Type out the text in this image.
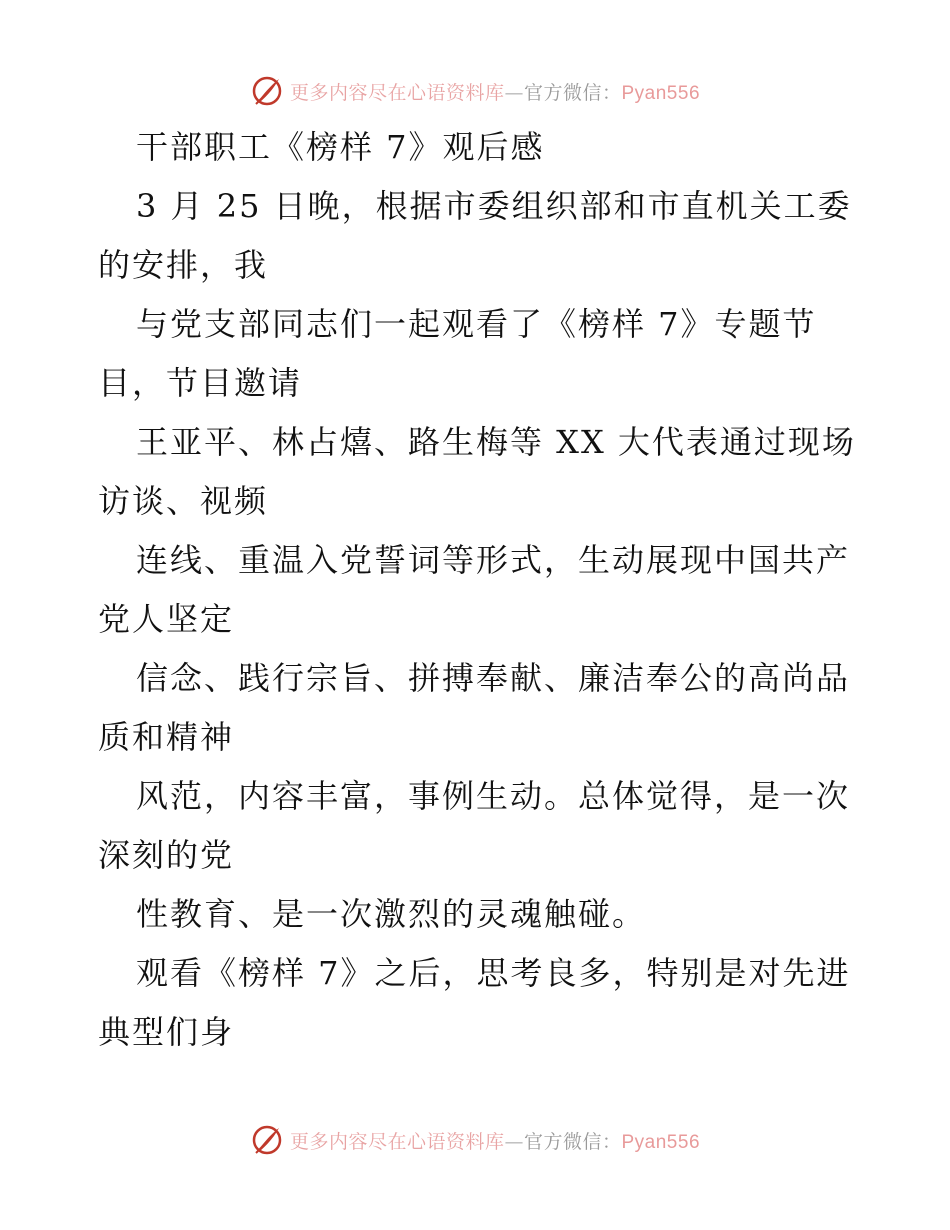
更多内容尽在心语资料库—官方微信：Pyan556
干部职工《榜样 7》观后感
3 月 25 日晚，根据市委组织部和市直机关工委
的安排，我
与党支部同志们一起观看了《榜样 7》专题节
目，节目邀请
王亚平、林占熺、路生梅等 XX 大代表通过现场
访谈、视频
连线、重温入党誓词等形式，生动展现中国共产
党人坚定
信念、践行宗旨、拼搏奉献、廉洁奉公的高尚品
质和精神
风范，内容丰富，事例生动。总体觉得，是一次
深刻的党
性教育、是一次激烈的灵魂触碰。
观看《榜样 7》之后，思考良多，特别是对先进
典型们身
更多内容尽在心语资料库—官方微信：Pyan556
